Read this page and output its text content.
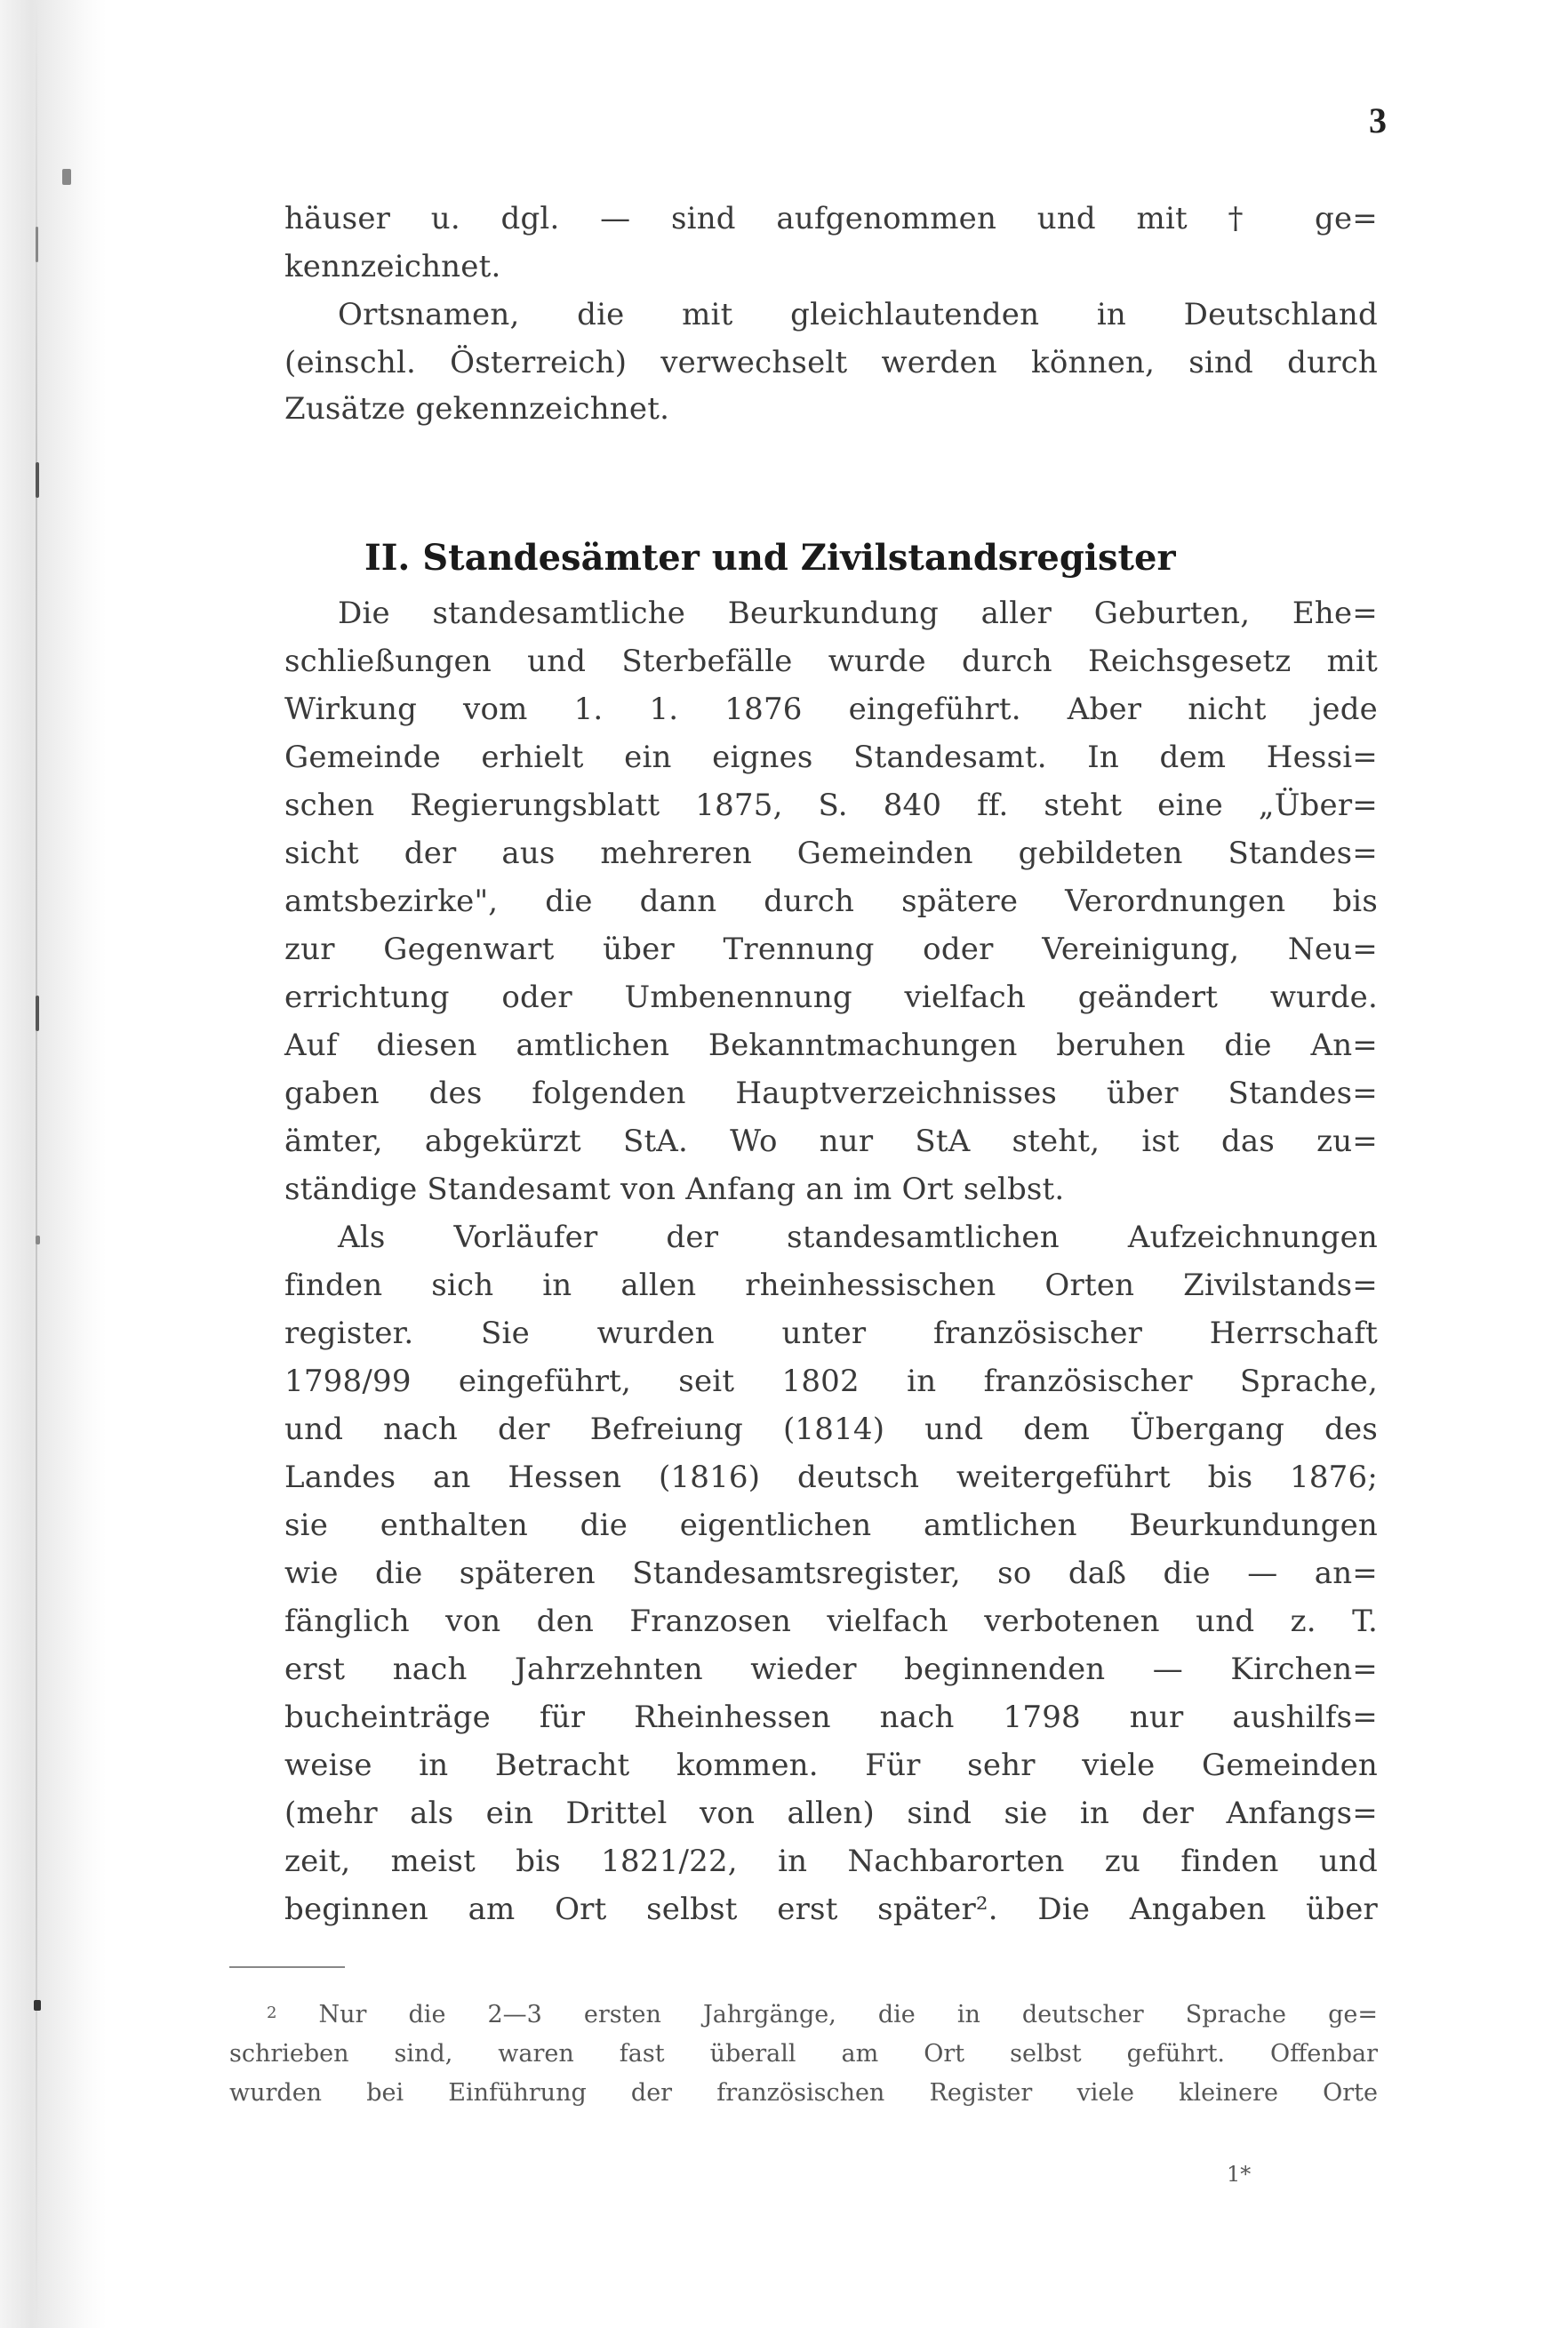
3
häuser u. dgl. — sind aufgenommen und mit † ge=
kennzeichnet.
Ortsnamen, die mit gleichlautenden in Deutschland
(einschl. Österreich) verwechselt werden können, sind durch
Zusätze gekennzeichnet.
II. Standesämter und Zivilstandsregister
Die standesamtliche Beurkundung aller Geburten, Ehe=
schließungen und Sterbefälle wurde durch Reichsgesetz mit
Wirkung vom 1. 1. 1876 eingeführt. Aber nicht jede
Gemeinde erhielt ein eignes Standesamt. In dem Hessi=
schen Regierungsblatt 1875, S. 840 ff. steht eine „Über=
sicht der aus mehreren Gemeinden gebildeten Standes=
amtsbezirke", die dann durch spätere Verordnungen bis
zur Gegenwart über Trennung oder Vereinigung, Neu=
errichtung oder Umbenennung vielfach geändert wurde.
Auf diesen amtlichen Bekanntmachungen beruhen die An=
gaben des folgenden Hauptverzeichnisses über Standes=
ämter, abgekürzt StA. Wo nur StA steht, ist das zu=
ständige Standesamt von Anfang an im Ort selbst.
Als Vorläufer der standesamtlichen Aufzeichnungen
finden sich in allen rheinhessischen Orten Zivilstands=
register. Sie wurden unter französischer Herrschaft
1798/99 eingeführt, seit 1802 in französischer Sprache,
und nach der Befreiung (1814) und dem Übergang des
Landes an Hessen (1816) deutsch weitergeführt bis 1876;
sie enthalten die eigentlichen amtlichen Beurkundungen
wie die späteren Standesamtsregister, so daß die — an=
fänglich von den Franzosen vielfach verbotenen und z. T.
erst nach Jahrzehnten wieder beginnenden — Kirchen=
bucheinträge für Rheinhessen nach 1798 nur aushilfs=
weise in Betracht kommen. Für sehr viele Gemeinden
(mehr als ein Drittel von allen) sind sie in der Anfangs=
zeit, meist bis 1821/22, in Nachbarorten zu finden und
beginnen am Ort selbst erst später². Die Angaben über
$^2$ Nur die 2—3 ersten Jahrgänge, die in deutscher Sprache ge=
schrieben sind, waren fast überall am Ort selbst geführt. Offenbar
wurden bei Einführung der französischen Register viele kleinere Orte
1*
